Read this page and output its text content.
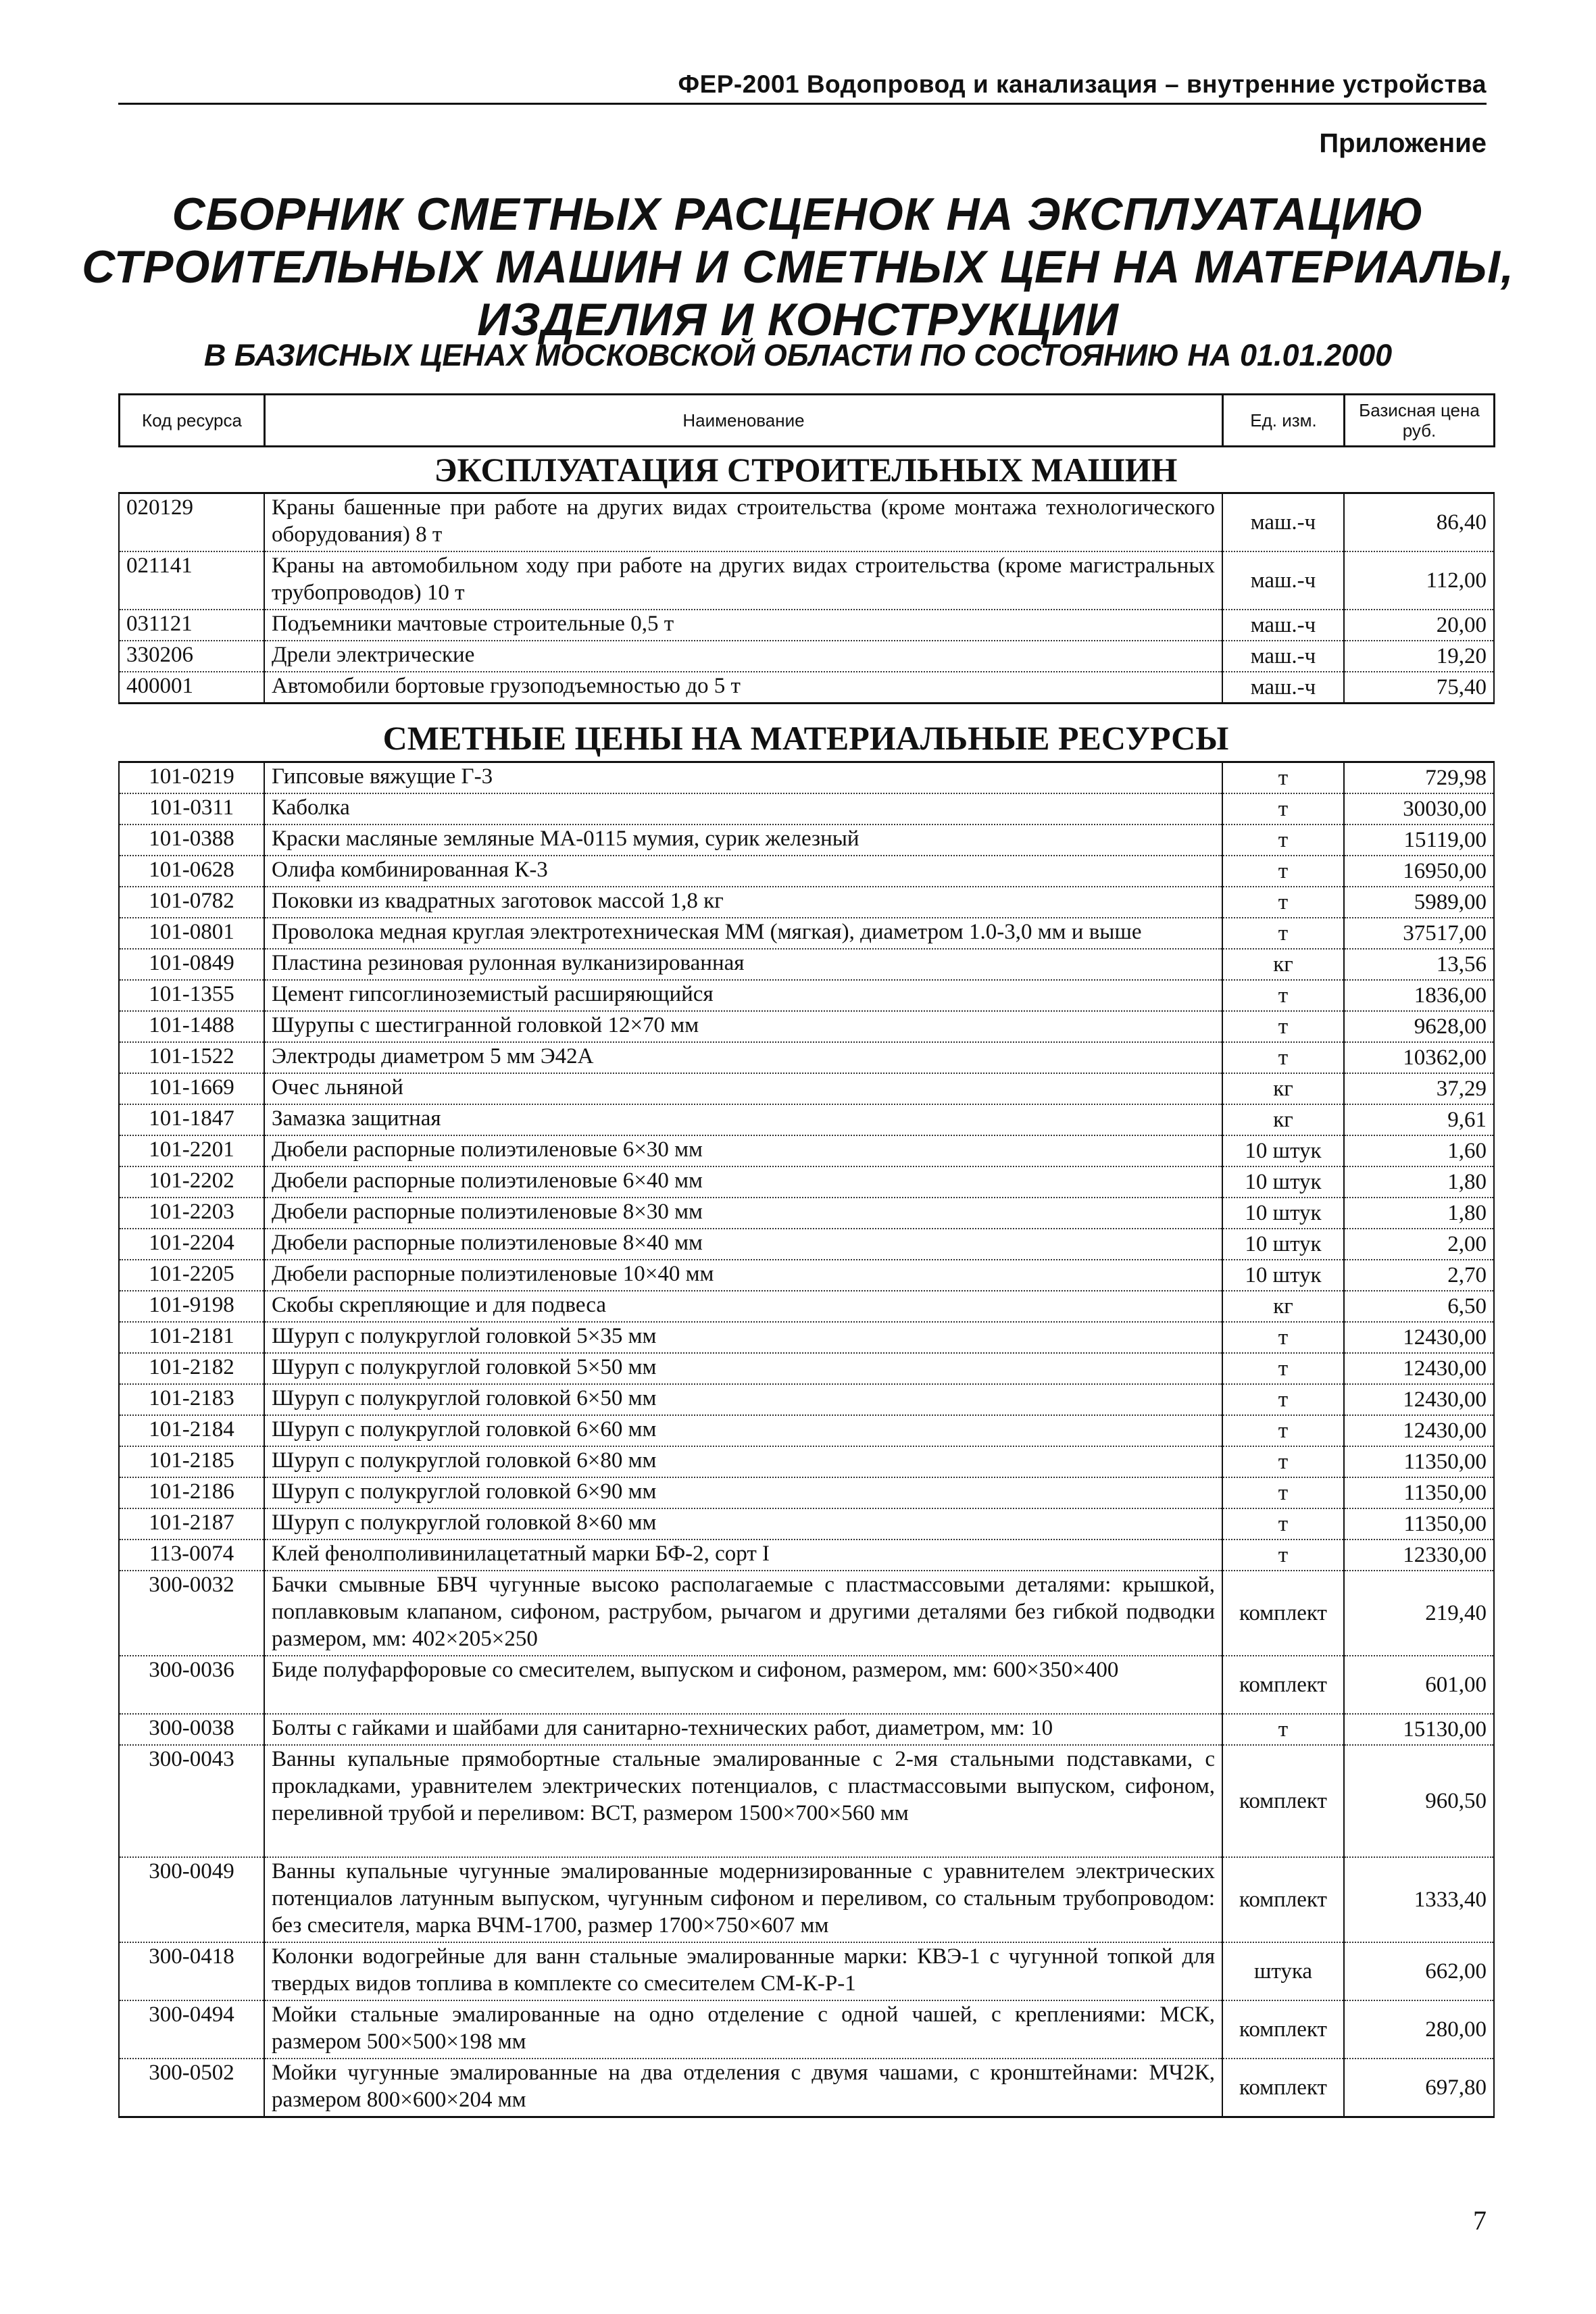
ФЕР-2001 Водопровод и канализация – внутренние устройства
Приложение
СБОРНИК СМЕТНЫХ РАСЦЕНОК НА ЭКСПЛУАТАЦИЮ
СТРОИТЕЛЬНЫХ МАШИН И СМЕТНЫХ ЦЕН НА МАТЕРИАЛЫ,
ИЗДЕЛИЯ И КОНСТРУКЦИИ
В БАЗИСНЫХ ЦЕНАХ МОСКОВСКОЙ ОБЛАСТИ ПО СОСТОЯНИЮ НА 01.01.2000
Код ресурса	Наименование	Ед. изм.	Базисная цена руб.
ЭКСПЛУАТАЦИЯ СТРОИТЕЛЬНЫХ МАШИН
020129	Краны башенные при работе на других видах строительства (кроме монтажа технологического оборудования) 8 т	маш.-ч	86,40
021141	Краны на автомобильном ходу при работе на других видах строительства (кроме магистральных трубопроводов) 10 т	маш.-ч	112,00
031121	Подъемники мачтовые строительные 0,5 т	маш.-ч	20,00
330206	Дрели электрические	маш.-ч	19,20
400001	Автомобили бортовые грузоподъемностью до 5 т	маш.-ч	75,40
СМЕТНЫЕ ЦЕНЫ НА МАТЕРИАЛЬНЫЕ РЕСУРСЫ
101-0219	Гипсовые вяжущие Г-3	т	729,98
101-0311	Каболка	т	30030,00
101-0388	Краски масляные земляные МА-0115 мумия, сурик железный	т	15119,00
101-0628	Олифа комбинированная К-3	т	16950,00
101-0782	Поковки из квадратных заготовок массой 1,8 кг	т	5989,00
101-0801	Проволока медная круглая электротехническая ММ (мягкая), диаметром 1.0-3,0 мм и выше	т	37517,00
101-0849	Пластина резиновая рулонная вулканизированная	кг	13,56
101-1355	Цемент гипсоглиноземистый расширяющийся	т	1836,00
101-1488	Шурупы с шестигранной головкой 12×70 мм	т	9628,00
101-1522	Электроды диаметром 5 мм Э42А	т	10362,00
101-1669	Очес льняной	кг	37,29
101-1847	Замазка защитная	кг	9,61
101-2201	Дюбели распорные полиэтиленовые 6×30 мм	10 штук	1,60
101-2202	Дюбели распорные полиэтиленовые 6×40 мм	10 штук	1,80
101-2203	Дюбели распорные полиэтиленовые 8×30 мм	10 штук	1,80
101-2204	Дюбели распорные полиэтиленовые 8×40 мм	10 штук	2,00
101-2205	Дюбели распорные полиэтиленовые 10×40 мм	10 штук	2,70
101-9198	Скобы скрепляющие и для подвеса	кг	6,50
101-2181	Шуруп с полукруглой головкой 5×35 мм	т	12430,00
101-2182	Шуруп с полукруглой головкой 5×50 мм	т	12430,00
101-2183	Шуруп с полукруглой головкой 6×50 мм	т	12430,00
101-2184	Шуруп с полукруглой головкой 6×60 мм	т	12430,00
101-2185	Шуруп с полукруглой головкой 6×80 мм	т	11350,00
101-2186	Шуруп с полукруглой головкой 6×90 мм	т	11350,00
101-2187	Шуруп с полукруглой головкой 8×60 мм	т	11350,00
113-0074	Клей фенолполивинилацетатный марки БФ-2, сорт I	т	12330,00
300-0032	Бачки смывные БВЧ чугунные высоко располагаемые с пластмассовыми деталями: крышкой, поплавковым клапаном, сифоном, раструбом, рычагом и другими деталями без гибкой подводки размером, мм: 402×205×250	комплект	219,40
300-0036	Биде полуфарфоровые со смесителем, выпуском и сифоном, размером, мм: 600×350×400	комплект	601,00
300-0038	Болты с гайками и шайбами для санитарно-технических работ, диаметром, мм: 10	т	15130,00
300-0043	Ванны купальные прямобортные стальные эмалированные с 2-мя стальными подставками, с прокладками, уравнителем электрических потенциалов, с пластмассовыми выпуском, сифоном, переливной трубой и переливом: ВСТ, размером 1500×700×560 мм	комплект	960,50
300-0049	Ванны купальные чугунные эмалированные модернизированные с уравнителем электрических потенциалов латунным выпуском, чугунным сифоном и переливом, со стальным трубопроводом: без смесителя, марка ВЧМ-1700, размер 1700×750×607 мм	комплект	1333,40
300-0418	Колонки водогрейные для ванн стальные эмалированные марки: КВЭ-1 с чугунной топкой для твердых видов топлива в комплекте со смесителем СМ-К-Р-1	штука	662,00
300-0494	Мойки стальные эмалированные на одно отделение с одной чашей, с креплениями: МСК, размером 500×500×198 мм	комплект	280,00
300-0502	Мойки чугунные эмалированные на два отделения с двумя чашами, с кронштейнами: МЧ2К, размером 800×600×204 мм	комплект	697,80
7
